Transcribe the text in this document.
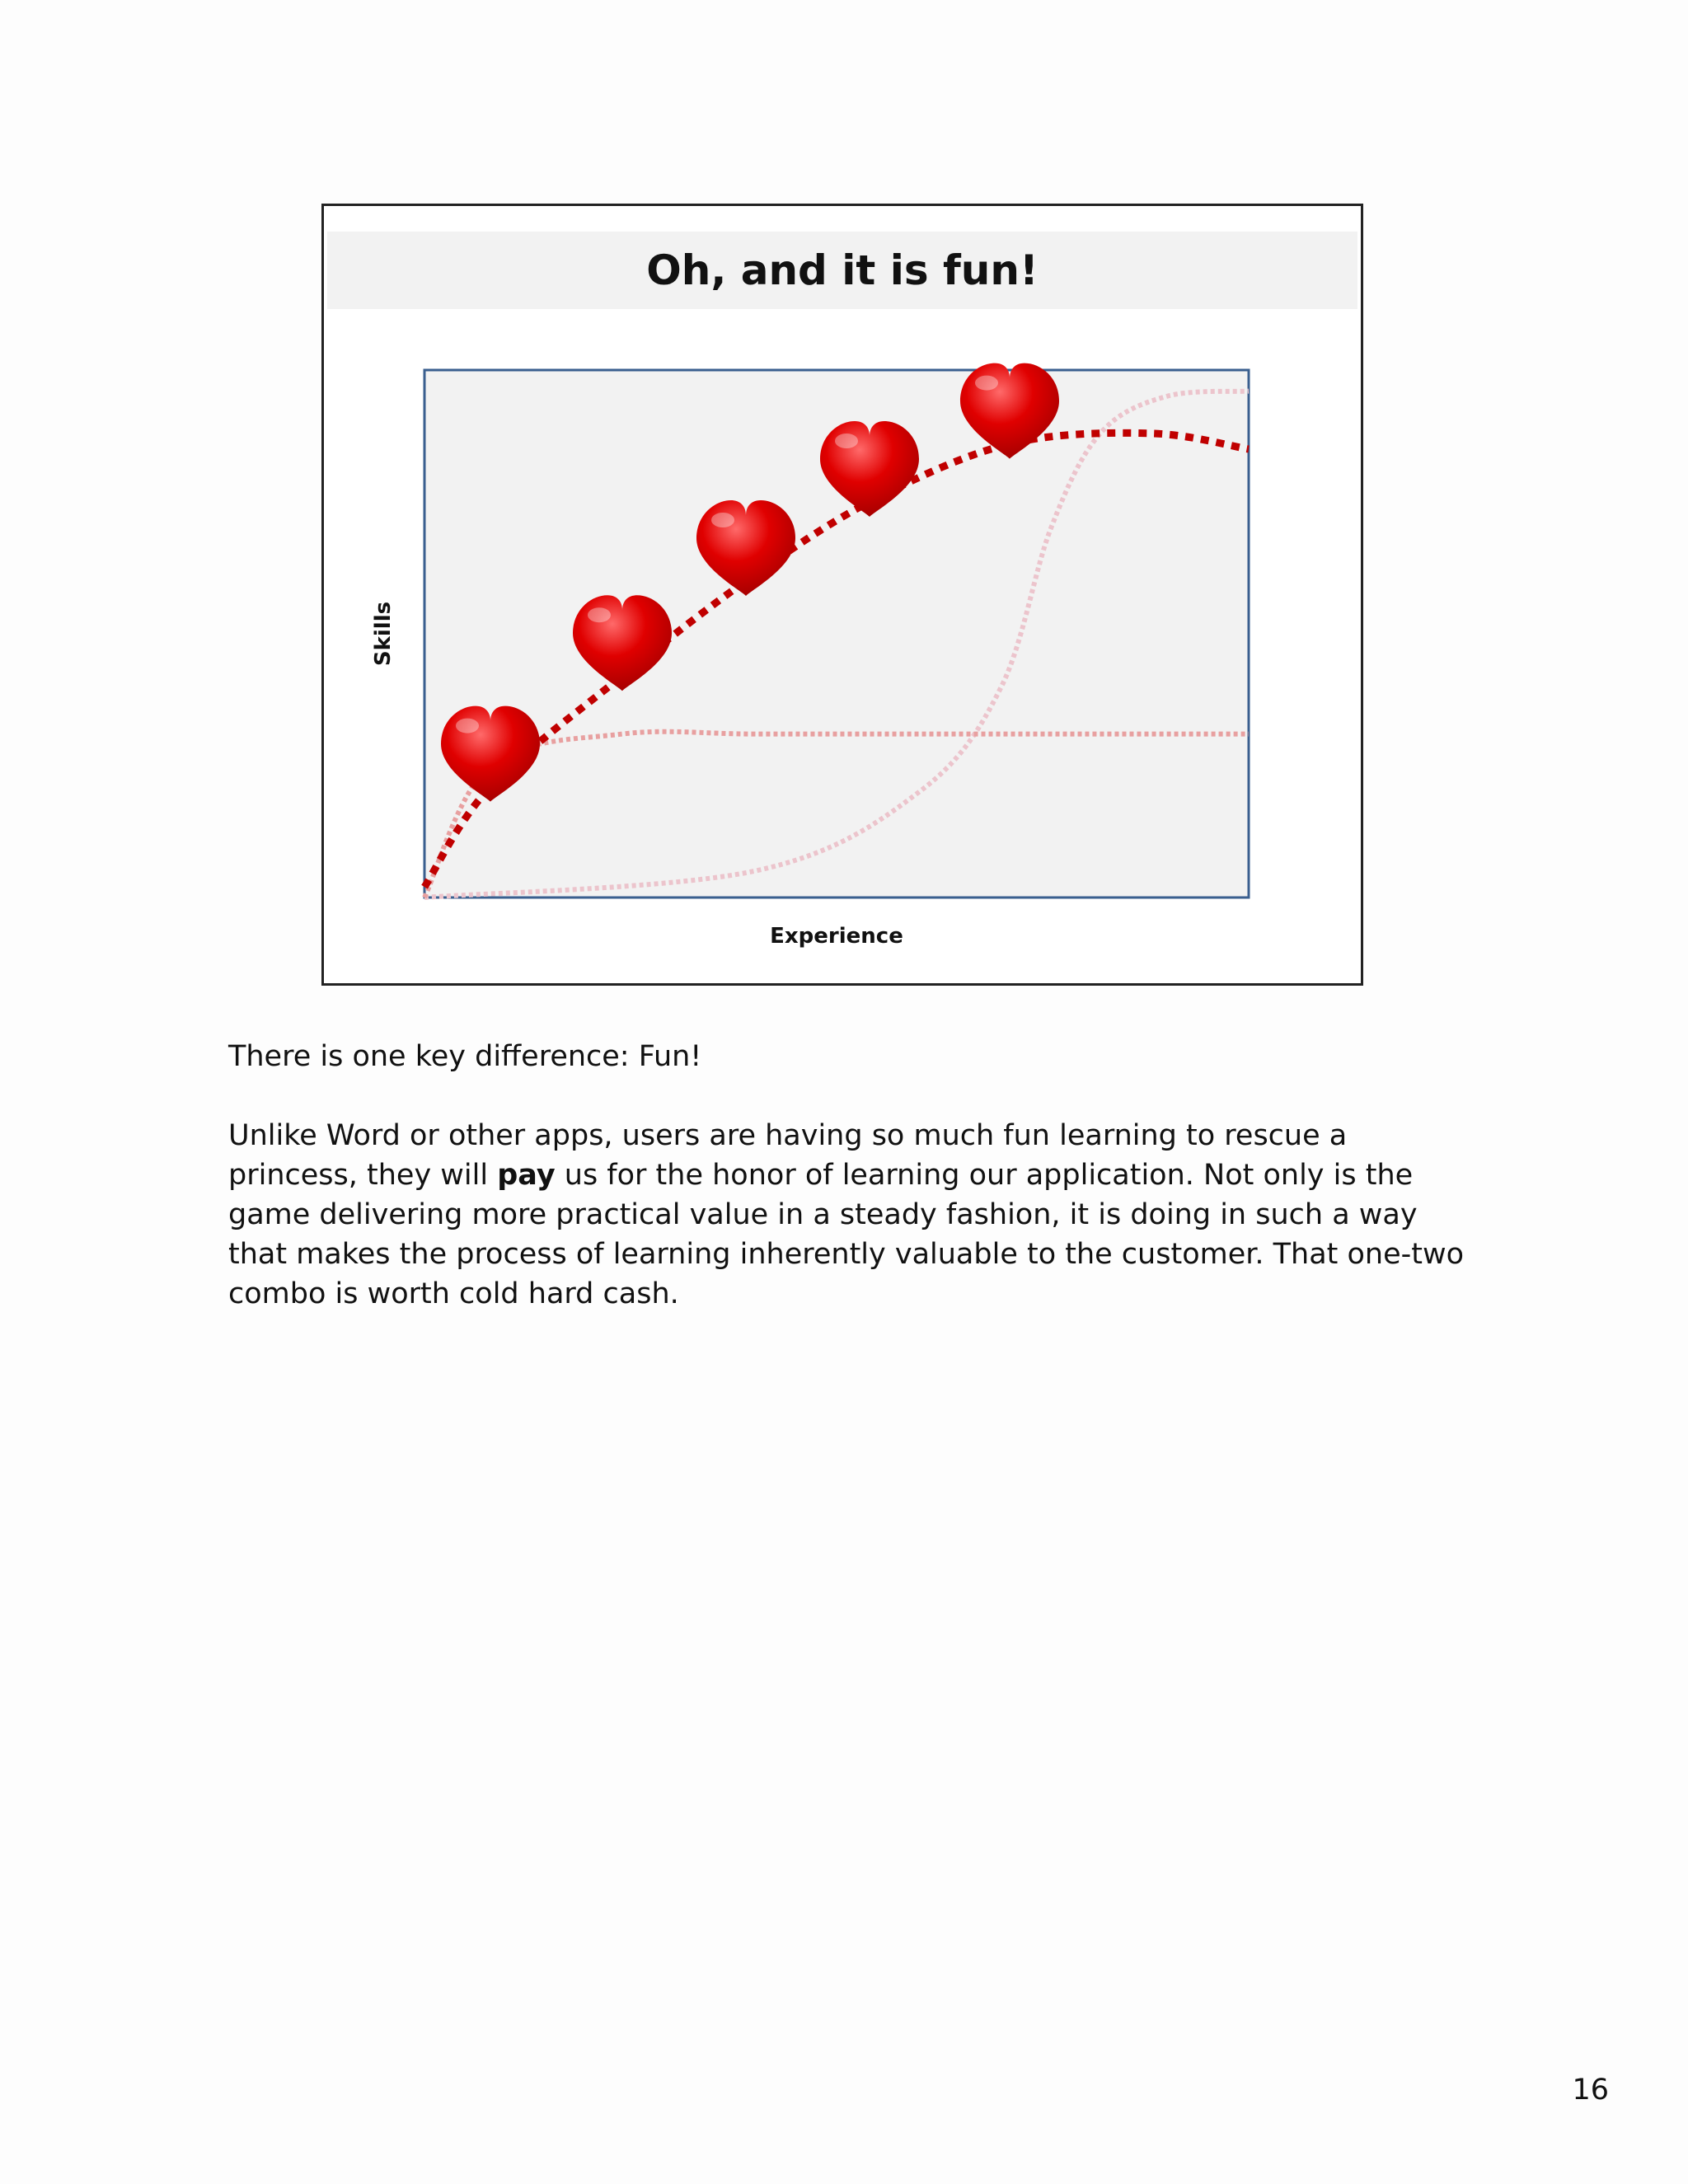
Oh, and it is fun!
Experience
Skills

There is one key difference: Fun!

Unlike Word or other apps, users are having so much fun learning to rescue a princess, they will pay us for the honor of learning our application. Not only is the game delivering more practical value in a steady fashion, it is doing in such a way that makes the process of learning inherently valuable to the customer. That one-two combo is worth cold hard cash.

16
